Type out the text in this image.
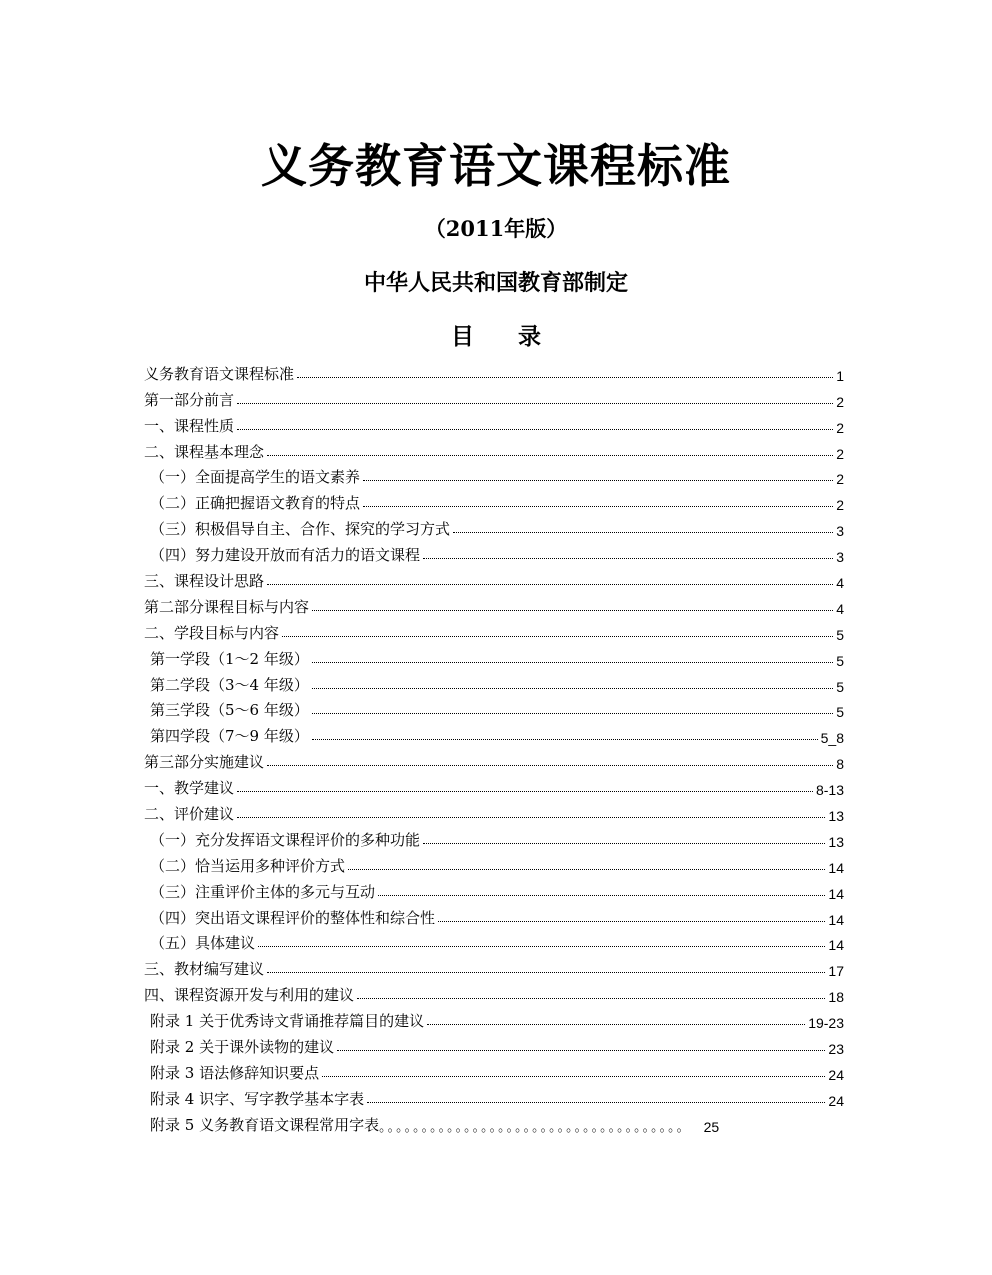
义务教育语文课程标准
（2011年版）
中华人民共和国教育部制定
目 录
义务教育语文课程标准	1
第一部分前言	2
一、课程性质	2
二、课程基本理念	2
（一）全面提高学生的语文素养	2
（二）正确把握语文教育的特点	2
（三）积极倡导自主、合作、探究的学习方式	3
（四）努力建设开放而有活力的语文课程	3
三、课程设计思路	4
第二部分课程目标与内容	4
二、学段目标与内容	5
第一学段（1～2 年级）	5
第二学段（3～4 年级）	5
第三学段（5～6 年级）	5
第四学段（7～9 年级）	5_8
第三部分实施建议	8
一、教学建议	8-13
二、评价建议	13
（一）充分发挥语文课程评价的多种功能	13
（二）恰当运用多种评价方式	14
（三）注重评价主体的多元与互动	14
（四）突出语文课程评价的整体性和综合性	14
（五）具体建议	14
三、教材编写建议	17
四、课程资源开发与利用的建议	18
附录 1 关于优秀诗文背诵推荐篇目的建议	19-23
附录 2 关于课外读物的建议	23
附录 3 语法修辞知识要点	24
附录 4 识字、写字教学基本字表	24
附录 5 义务教育语文课程常用字表 。。。。。。。。。。。。。。。。。。。。。。。。。。。。。。。。。。。。 25
